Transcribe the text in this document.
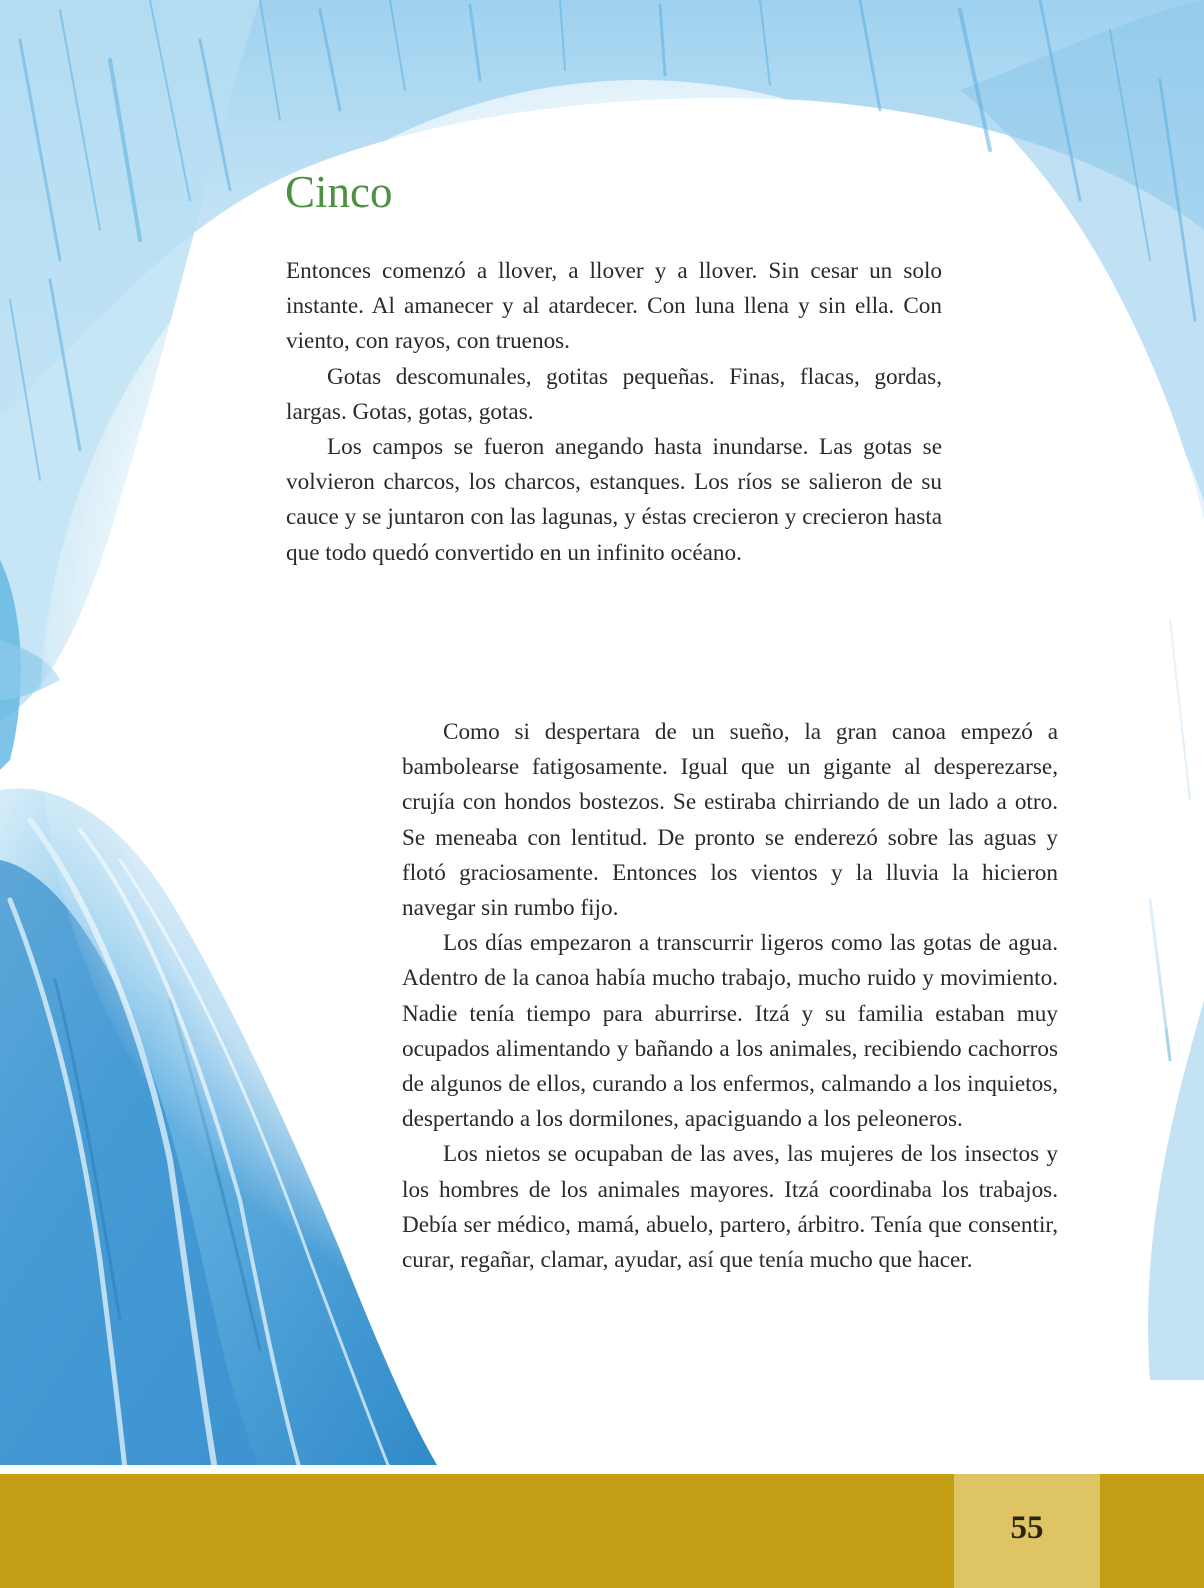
Cinco

Entonces comenzó a llover, a llover y a llover. Sin cesar un solo instante. Al amanecer y al atardecer. Con luna llena y sin ella. Con viento, con rayos, con truenos.

Gotas descomunales, gotitas pequeñas. Finas, flacas, gordas, largas. Gotas, gotas, gotas.

Los campos se fueron anegando hasta inundarse. Las gotas se volvieron charcos, los charcos, estanques. Los ríos se salieron de su cauce y se juntaron con las lagunas, y éstas crecieron y crecieron hasta que todo quedó convertido en un infinito océano.

Como si despertara de un sueño, la gran canoa empezó a bambolearse fatigosamente. Igual que un gigante al desperezarse, crujía con hondos bostezos. Se estiraba chirriando de un lado a otro. Se meneaba con lentitud. De pronto se enderezó sobre las aguas y flotó graciosamente. Entonces los vientos y la lluvia la hicieron navegar sin rumbo fijo.

Los días empezaron a transcurrir ligeros como las gotas de agua. Adentro de la canoa había mucho trabajo, mucho ruido y movimiento. Nadie tenía tiempo para aburrirse. Itzá y su familia estaban muy ocupados alimentando y bañando a los animales, recibiendo cachorros de algunos de ellos, curando a los enfermos, calmando a los inquietos, despertando a los dormilones, apaciguando a los peleoneros.

Los nietos se ocupaban de las aves, las mujeres de los insectos y los hombres de los animales mayores. Itzá coordinaba los trabajos. Debía ser médico, mamá, abuelo, partero, árbitro. Tenía que consentir, curar, regañar, clamar, ayudar, así que tenía mucho que hacer.

55
